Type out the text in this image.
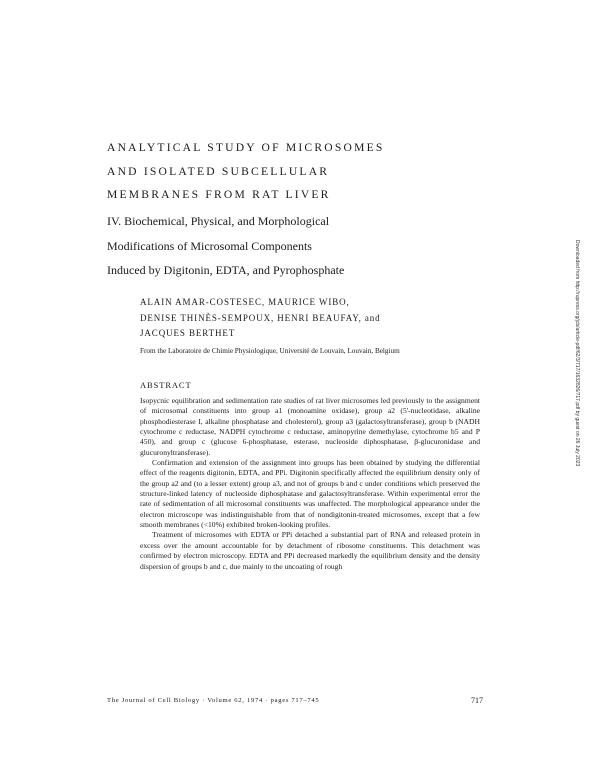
ANALYTICAL STUDY OF MICROSOMES
AND ISOLATED SUBCELLULAR
MEMBRANES FROM RAT LIVER
IV. Biochemical, Physical, and Morphological
Modifications of Microsomal Components
Induced by Digitonin, EDTA, and Pyrophosphate
ALAIN AMAR-COSTESEC, MAURICE WIBO,
DENISE THINÈS-SEMPOUX, HENRI BEAUFAY, and
JACQUES BERTHET
From the Laboratoire de Chimie Physiologique, Université de Louvain, Louvain, Belgium
ABSTRACT

Isopycnic equilibration and sedimentation rate studies of rat liver microsomes led previously to the assignment of microsomal constituents into group a1 (monoamine oxidase), group a2 (5'-nucleotidase, alkaline phosphodiesterase I, alkaline phosphatase and cholesterol), group a3 (galactosyltransferase), group b (NADH cytochrome c reductase, NADPH cytochrome c reductase, aminopyrine demethylase, cytochrome b5 and P 450), and group c (glucose 6-phosphatase, esterase, nucleoside diphosphatase, β-glucuronidase and glucuronyltransferase).

Confirmation and extension of the assignment into groups has been obtained by studying the differential effect of the reagents digitonin, EDTA, and PPi. Digitonin specifically affected the equilibrium density only of the group a2 and (to a lesser extent) group a3, and not of groups b and c under conditions which preserved the structure-linked latency of nucleoside diphosphatase and galactosyltransferase. Within experimental error the rate of sedimentation of all microsomal constituents was unaffected. The morphological appearance under the electron microscope was indistinguishable from that of nondigitonin-treated microsomes, except that a few smooth membranes (<10%) exhibited broken-looking profiles.

Treatment of microsomes with EDTA or PPi detached a substantial part of RNA and released protein in excess over the amount accountable for by detachment of ribosome constituents. This detachment was confirmed by electron microscopy. EDTA and PPi decreased markedly the equilibrium density and the density dispersion of groups b and c, due mainly to the uncoating of rough

The Journal of Cell Biology · Volume 62, 1974 · pages 717–745	717
Downloaded from http://rupress.org/jcb/article-pdf/62/3/717/1632826/717.pdf by guest on 26 July 2023
